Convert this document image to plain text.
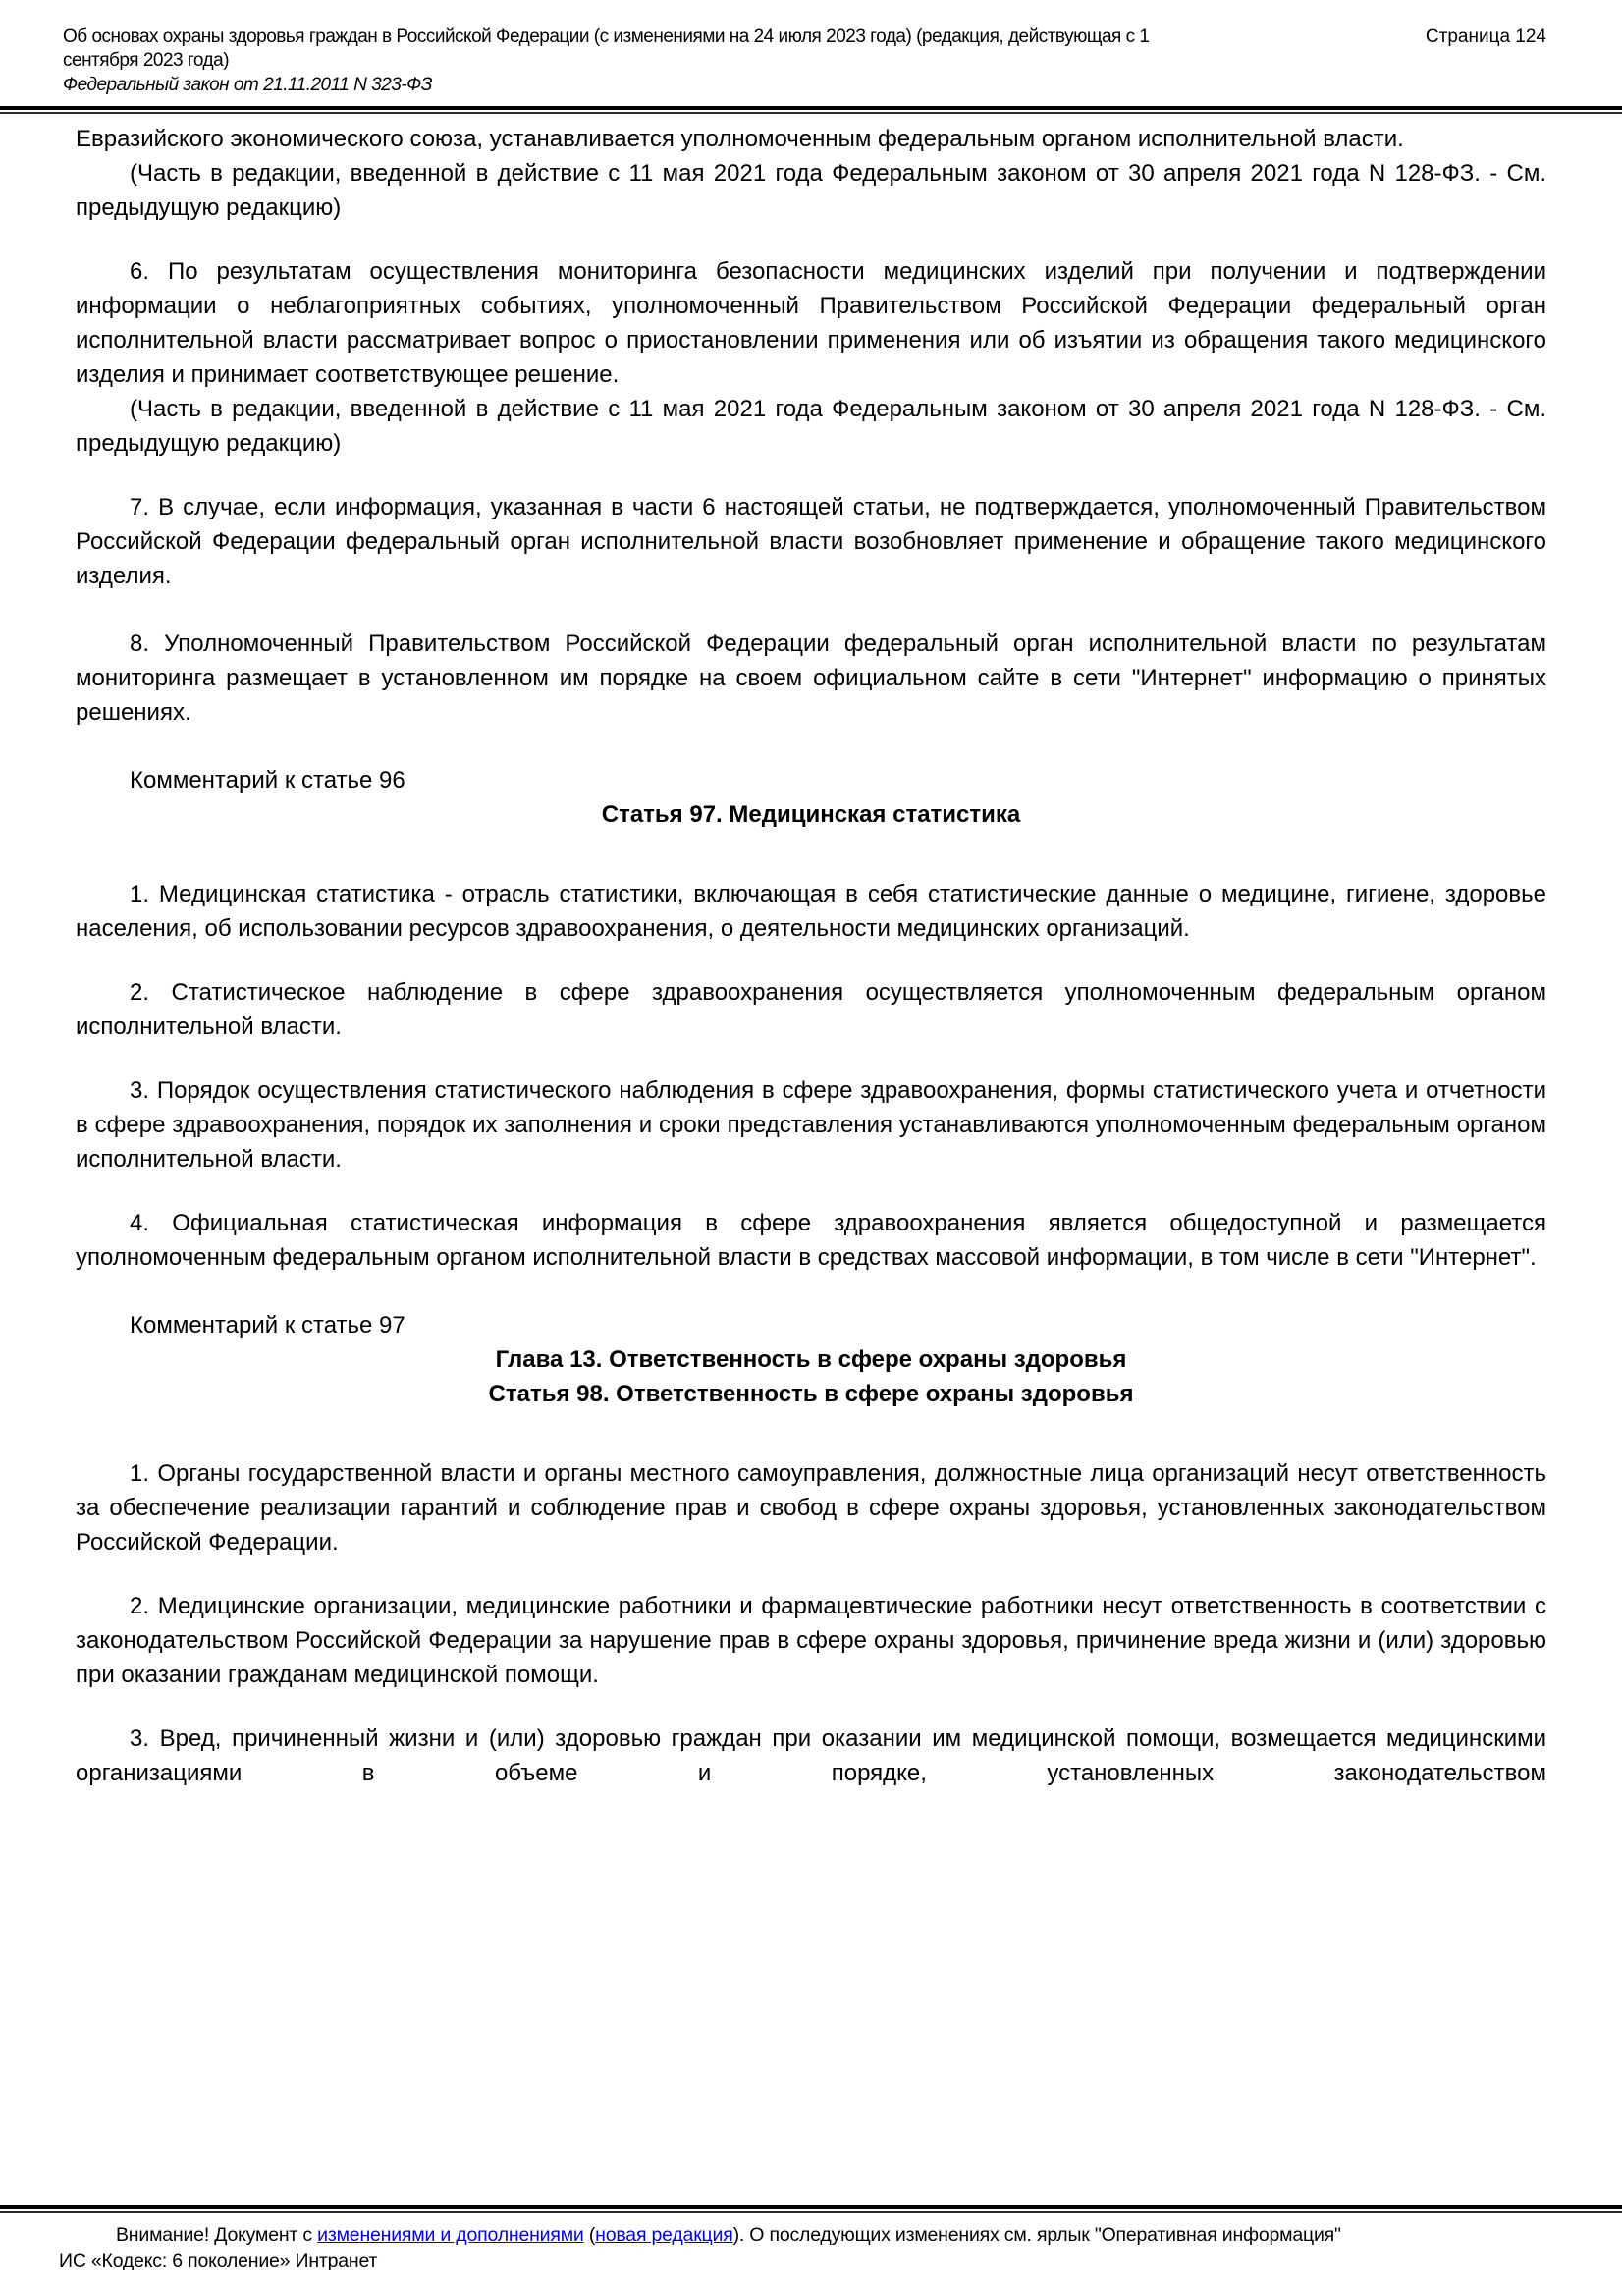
Об основах охраны здоровья граждан в Российской Федерации (с изменениями на 24 июля 2023 года) (редакция, действующая с 1 сентября 2023 года)
Страница 124
Федеральный закон от 21.11.2011 N 323-ФЗ

Евразийского экономического союза, устанавливается уполномоченным федеральным органом исполнительной власти.

(Часть в редакции, введенной в действие с 11 мая 2021 года Федеральным законом от 30 апреля 2021 года N 128-ФЗ. - См. предыдущую редакцию)

6. По результатам осуществления мониторинга безопасности медицинских изделий при получении и подтверждении информации о неблагоприятных событиях, уполномоченный Правительством Российской Федерации федеральный орган исполнительной власти рассматривает вопрос о приостановлении применения или об изъятии из обращения такого медицинского изделия и принимает соответствующее решение.

(Часть в редакции, введенной в действие с 11 мая 2021 года Федеральным законом от 30 апреля 2021 года N 128-ФЗ. - См. предыдущую редакцию)

7. В случае, если информация, указанная в части 6 настоящей статьи, не подтверждается, уполномоченный Правительством Российской Федерации федеральный орган исполнительной власти возобновляет применение и обращение такого медицинского изделия.

8. Уполномоченный Правительством Российской Федерации федеральный орган исполнительной власти по результатам мониторинга размещает в установленном им порядке на своем официальном сайте в сети "Интернет" информацию о принятых решениях.

Комментарий к статье 96

Статья 97. Медицинская статистика

1. Медицинская статистика - отрасль статистики, включающая в себя статистические данные о медицине, гигиене, здоровье населения, об использовании ресурсов здравоохранения, о деятельности медицинских организаций.

2. Статистическое наблюдение в сфере здравоохранения осуществляется уполномоченным федеральным органом исполнительной власти.

3. Порядок осуществления статистического наблюдения в сфере здравоохранения, формы статистического учета и отчетности в сфере здравоохранения, порядок их заполнения и сроки представления устанавливаются уполномоченным федеральным органом исполнительной власти.

4. Официальная статистическая информация в сфере здравоохранения является общедоступной и размещается уполномоченным федеральным органом исполнительной власти в средствах массовой информации, в том числе в сети "Интернет".

Комментарий к статье 97

Глава 13. Ответственность в сфере охраны здоровья
Статья 98. Ответственность в сфере охраны здоровья

1. Органы государственной власти и органы местного самоуправления, должностные лица организаций несут ответственность за обеспечение реализации гарантий и соблюдение прав и свобод в сфере охраны здоровья, установленных законодательством Российской Федерации.

2. Медицинские организации, медицинские работники и фармацевтические работники несут ответственность в соответствии с законодательством Российской Федерации за нарушение прав в сфере охраны здоровья, причинение вреда жизни и (или) здоровью при оказании гражданам медицинской помощи.

3. Вред, причиненный жизни и (или) здоровью граждан при оказании им медицинской помощи, возмещается медицинскими организациями в объеме и порядке, установленных законодательством

Внимание! Документ с изменениями и дополнениями (новая редакция). О последующих изменениях см. ярлык "Оперативная информация"

ИС «Кодекс: 6 поколение» Интранет
